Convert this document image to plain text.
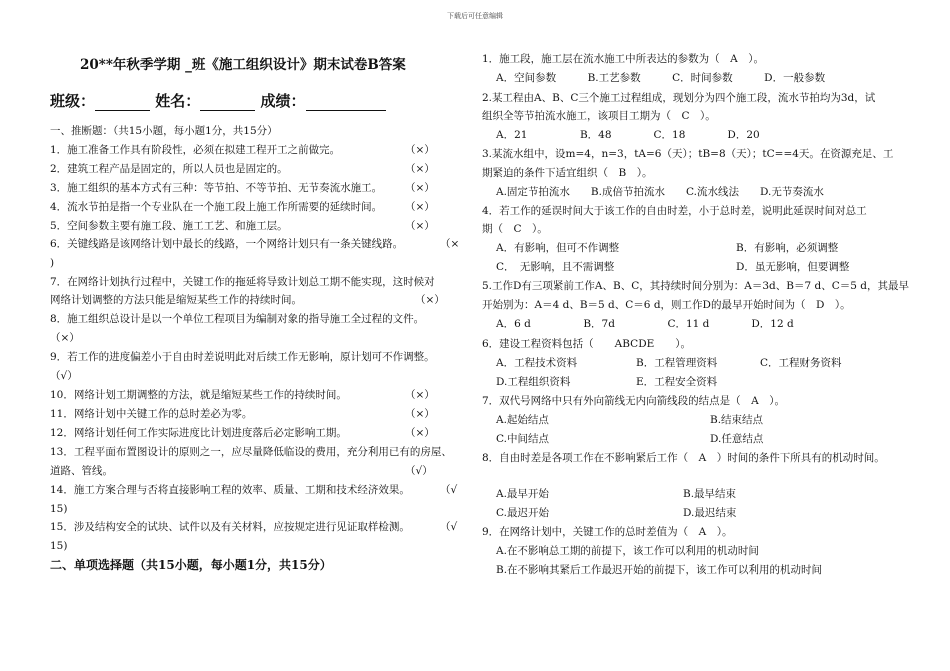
下载后可任意编辑
20**年秋季学期 _班《施工组织设计》期末试卷B答案
班级：	姓名：	成绩：
一、推断题：（共15小题，每小题1分，共15分）
1．施工准备工作具有阶段性，必须在拟建工程开工之前做完。	（×）
2．建筑工程产品是固定的，所以人员也是固定的。	（×）
3．施工组织的基本方式有三种：等节拍、不等节拍、无节奏流水施工。 （×）
4．流水节拍是指一个专业队在一个施工段上施工作所需要的延续时间。 （×）
5．空间参数主要有施工段、施工工艺、和施工层。	（×）
6．关键线路是该网络计划中最长的线路，一个网络计划只有一条关键线路。	（×
)
7．在网络计划执行过程中，关键工作的拖延将导致计划总工期不能实现，这时候对
网络计划调整的方法只能是缩短某些工作的持续时间。	（×）
8．施工组织总设计是以一个单位工程项目为编制对象的指导施工全过程的文件。
（×）
9．若工作的进度偏差小于自由时差说明此对后续工作无影响，原计划可不作调整。
（√）
10．网络计划工期调整的方法，就是缩短某些工作的持续时间。	（×）
11．网络计划中关键工作的总时差必为零。	（×）
12．网络计划任何工作实际进度比计划进度落后必定影响工期。	（×）
13．工程平面布置图设计的原则之一，应尽量降低临设的费用，充分利用已有的房屋、
道路、管线。	（√）
14．施工方案合理与否将直接影响工程的效率、质量、工期和技术经济效果。	（√
15)
15．涉及结构安全的试块、试件以及有关材料，应按规定进行见证取样检测。	（√
15)
二、单项选择题（共15小题，每小题1分，共15分）
1．施工段，施工层在流水施工中所表达的参数为（　A　）。
A．空间参数　　　B.工艺参数　　　C．时间参数　　　D．一般参数
2.某工程由A、B、C三个施工过程组成，现划分为四个施工段，流水节拍均为3d，试
组织全等节拍流水施工，该项目工期为（　C　）。
A．21　　　　　B．48　　　　C．18　　　　D．20
3.某流水组中，设m=4，n=3，tA=6（天）；tB=8（天）；tC==4天。在资源充足、工
期紧迫的条件下适宜组织（　B　）。
A.固定节拍流水　　B.成倍节拍流水　　C.流水线法　　D.无节奏流水
4．若工作的延误时间大于该工作的自由时差，小于总时差，说明此延误时间对总工
期（　C　）。
A．有影响，但可不作调整	B．有影响，必须调整
C．　无影响，且不需调整	D．虽无影响，但要调整
5.工作D有三项紧前工作A、B、C，其持续时间分别为：A＝3d、B＝7 d、C＝5 d，其最早
开始别为：A＝4 d、B＝5 d、C＝6 d，则工作D的最早开始时间为（　D　）。
A．6 d　　　　　B．7d　　　　　C．11 d　　　　D．12 d
6．建设工程资料包括（　　ABCDE　　）。
A．工程技术资料	B．工程管理资料	C．工程财务资料
D.工程组织资料	E．工程安全资料
7．双代号网络中只有外向箭线无内向箭线段的结点是（　A　）。
A.起始结点	B.结束结点
C.中间结点	D.任意结点
8．自由时差是各项工作在不影响紧后工作（　A　）时间的条件下所具有的机动时间。
A.最早开始	B.最早结束
C.最迟开始	D.最迟结束
9．在网络计划中，关键工作的总时差值为（　A　）。
A.在不影响总工期的前提下，该工作可以利用的机动时间
B.在不影响其紧后工作最迟开始的前提下，该工作可以利用的机动时间
